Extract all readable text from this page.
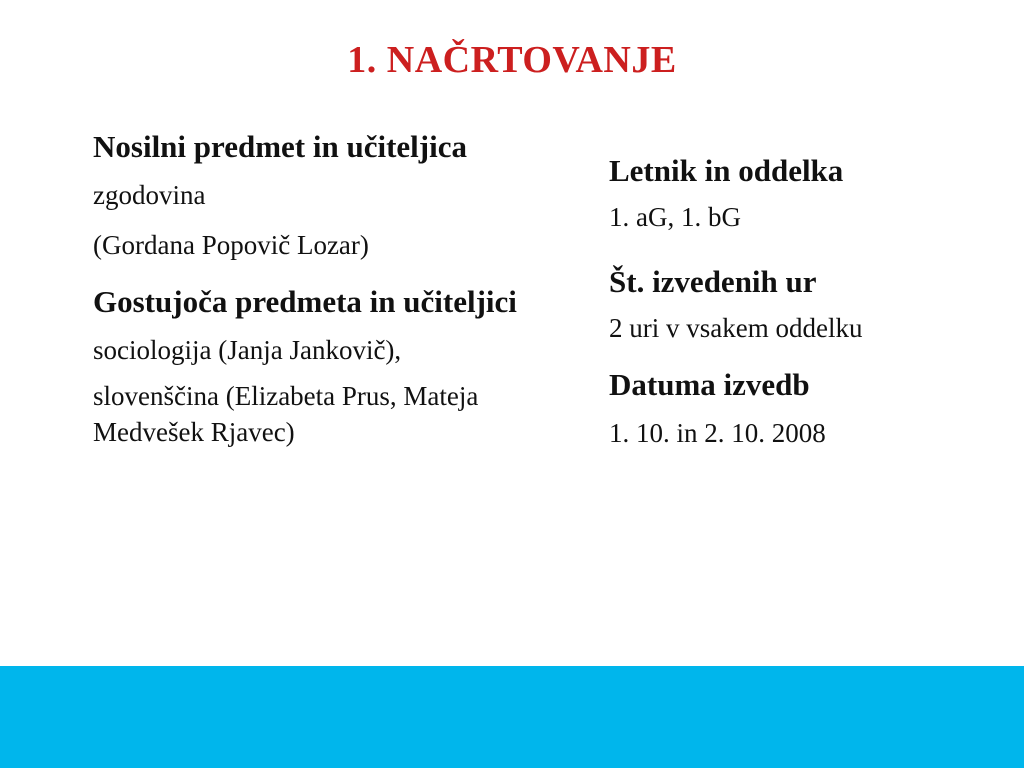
1. NAČRTOVANJE
Nosilni predmet in učiteljica
zgodovina
(Gordana Popovič Lozar)
Gostujoča predmeta in učiteljici
sociologija (Janja Jankovič),
slovenščina (Elizabeta Prus, Mateja Medvešek Rjavec)
Letnik in oddelka
1. aG, 1. bG
Št. izvedenih ur
2 uri v vsakem oddelku
Datuma izvedb
1. 10. in 2. 10. 2008
